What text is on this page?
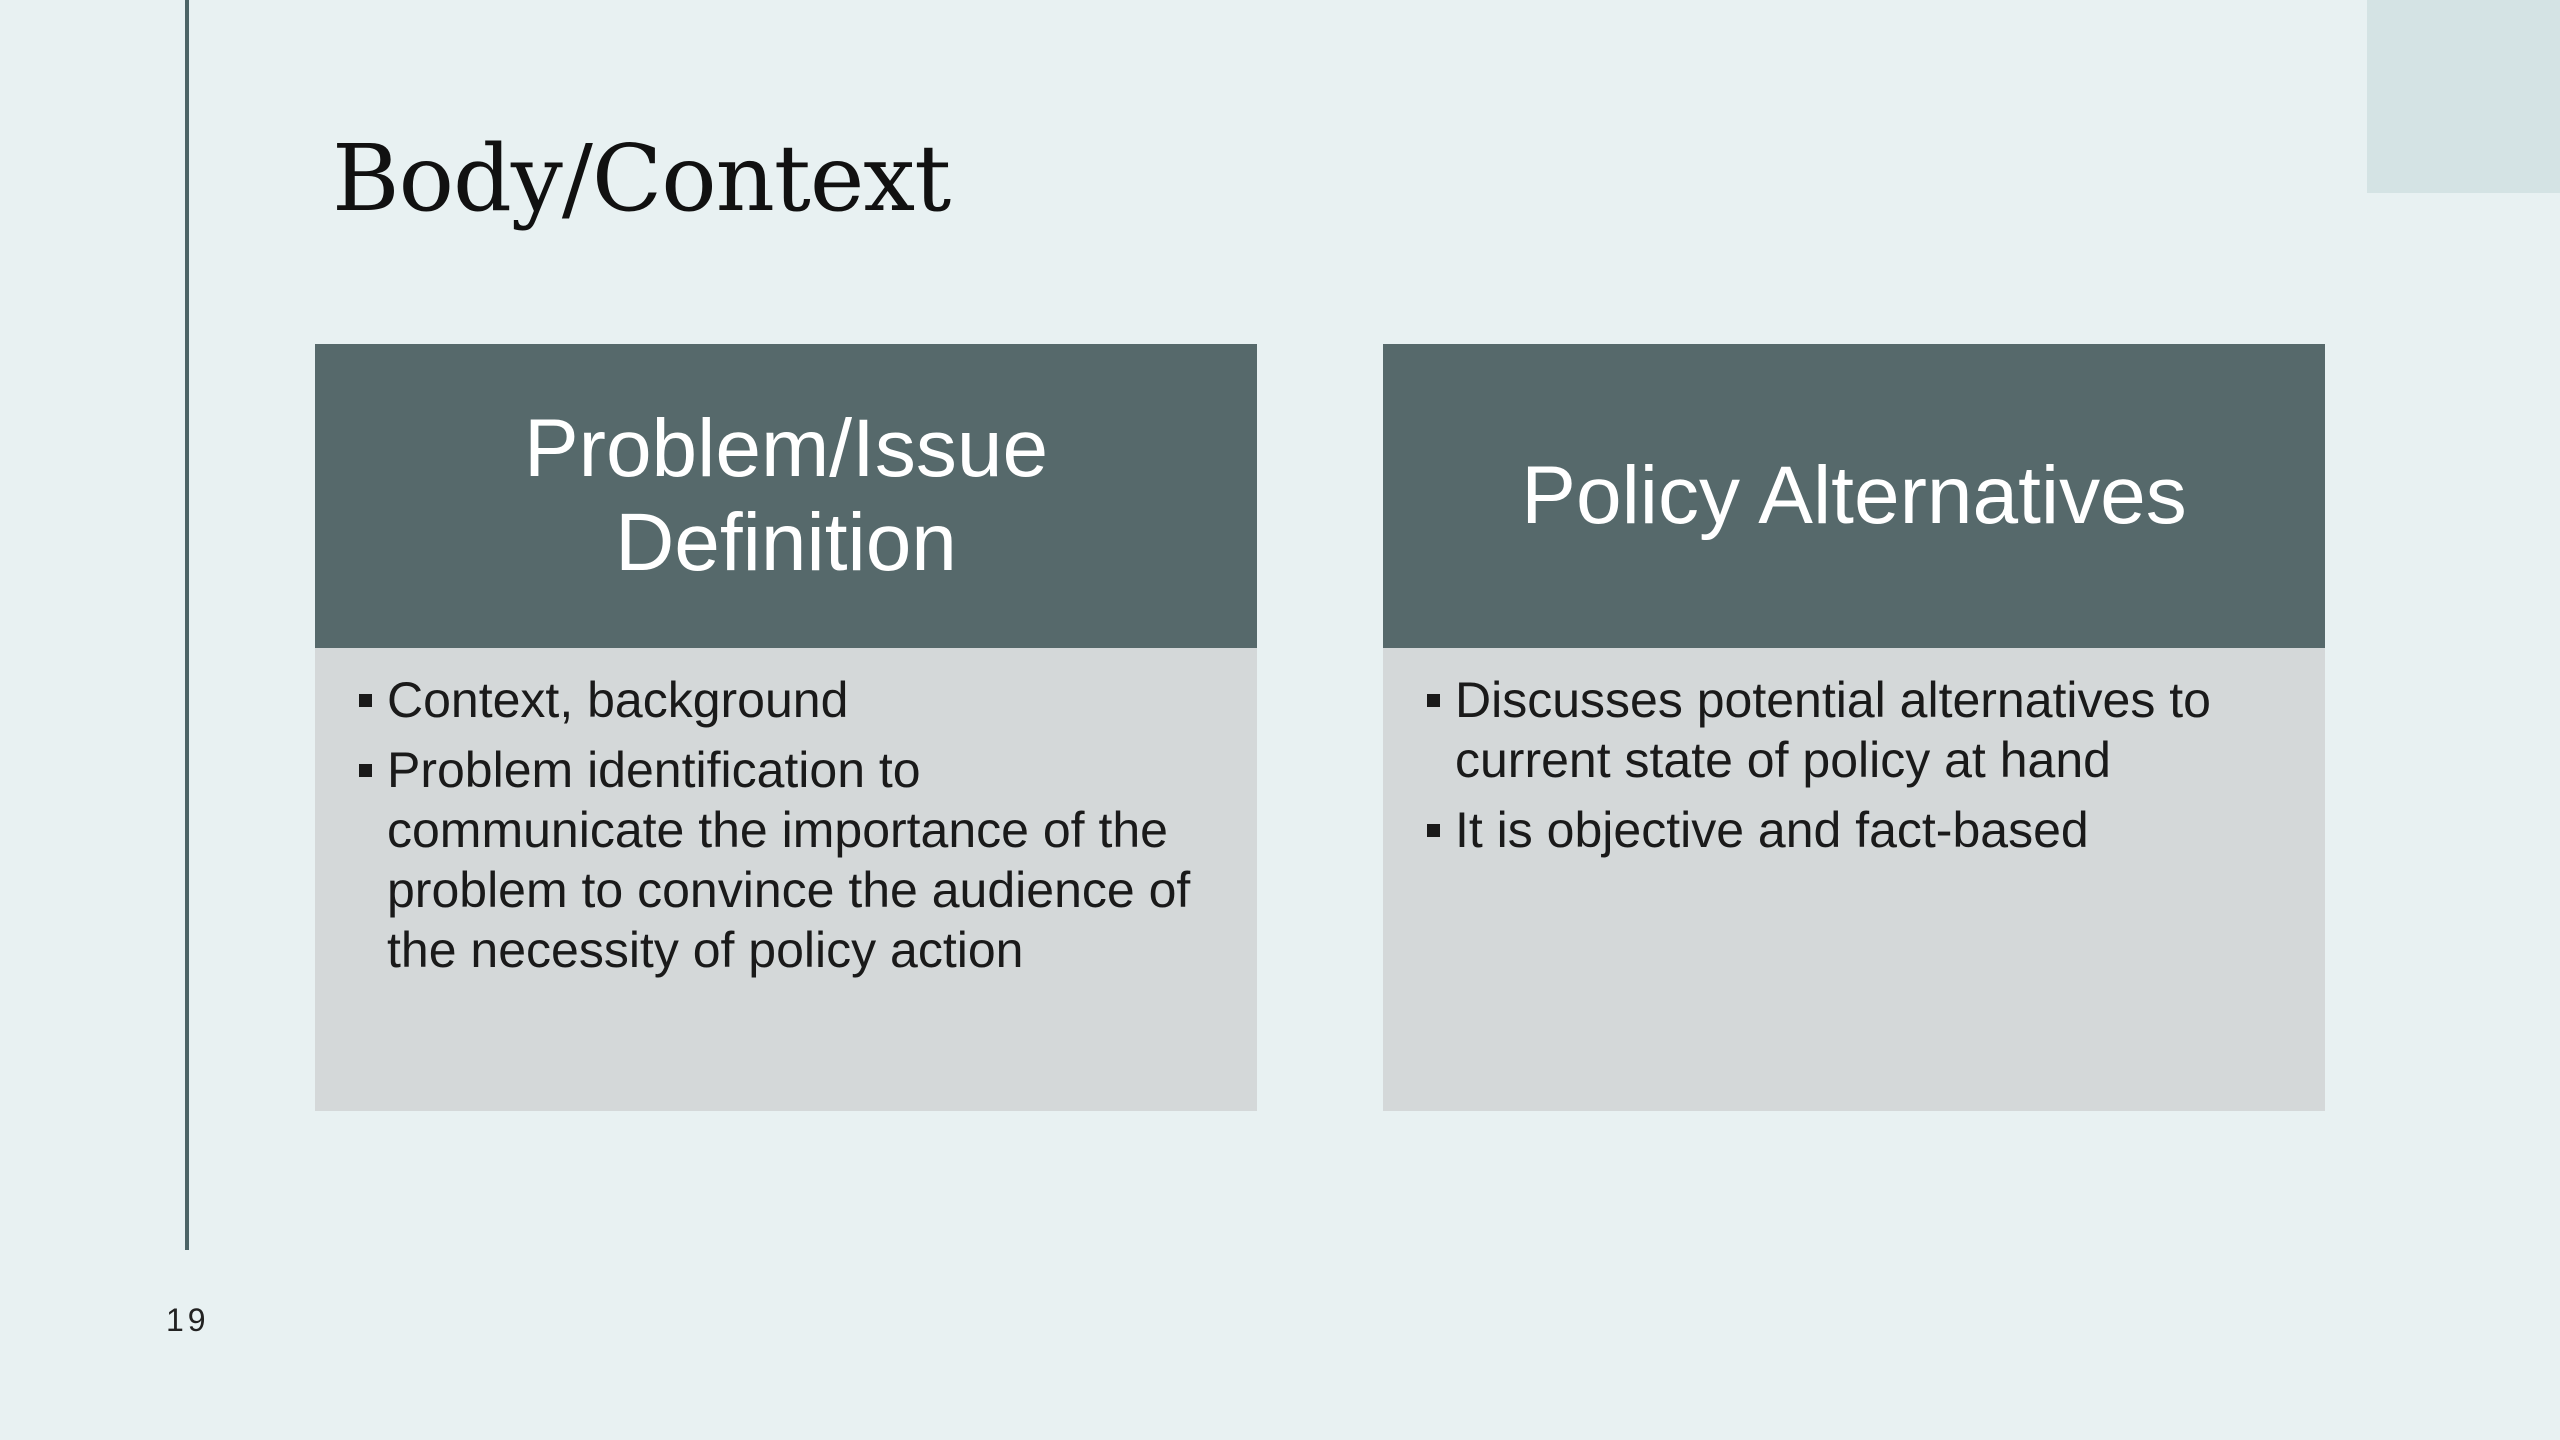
Body/Context
Problem/Issue Definition
Context, background
Problem identification to communicate the importance of the problem to convince the audience of the necessity of policy action
Policy Alternatives
Discusses potential alternatives to current state of policy at hand
It is objective and fact-based
19
